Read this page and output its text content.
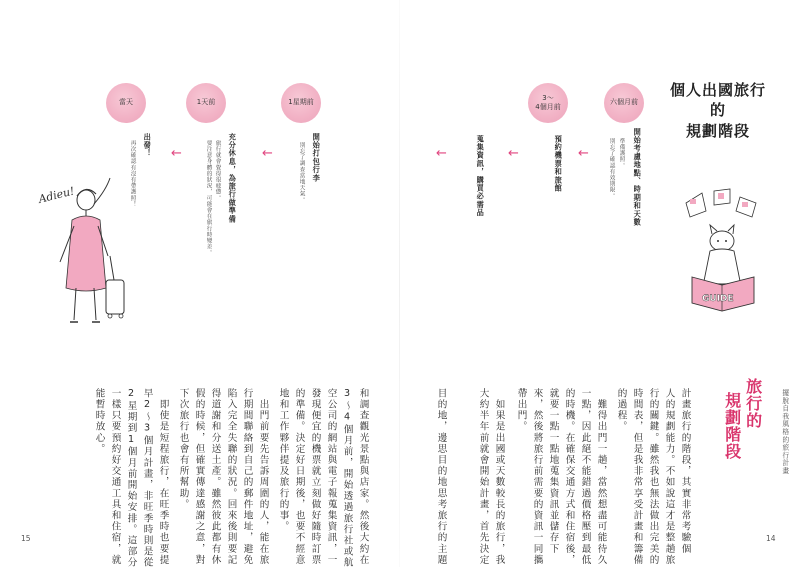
擺脫自我風格的旅行計畫
15	14
個人出國旅行的
規劃階段
六個月前
開始考慮地點、時期和天數
準備護照。
別忘了確認有效期限。
←
3〜
4個月前
預約機票和旅館
←
蒐集資訊，購買必需品
←
1星期前
開始打包行李
別忘了調查當地天氣。
←
1天前
充分休息，為旅行做準備
旅行就會覺得很疲憊。
要注意身體的狀況，可能會在旅行時變差。
←
當天
出發！
再次確認有沒有帶護照！
Adieu!
GUIDE
旅行的
規劃階段
計畫旅行的階段，其實非常考驗個
人的規劃能力。不如說這才是整趟旅
行的關鍵。雖然我也無法做出完美的
時間表，但是我非常享受計畫和籌備
的過程。
　難得出門一趟，當然想盡可能待久
一點，因此絕不能錯過價格壓到最低
的時機。在確保交通方式和住宿後，
就要一點一點地蒐集資訊並儲存下
來，然後將旅行前需要的資訊一同攜
帶出門。
　如果是出國或天數較長的旅行，我
大約半年前就會開始計畫，首先決定
目的地，邊思目的地思考旅行的主題
和調查觀光景點與店家。然後大約在
3〜4個月前，開始透過旅行社或航
空公司的網站與電子報蒐集資訊，一
發現便宜的機票就立刻做好隨時訂票
的準備。決定好日期後，也要不經意
地和工作夥伴提及旅行的事。
　出門前要先告訴周圍的人，能在旅
行期間聯絡到自己的郵件地址，避免
陷入完全失聯的狀況。回來後則要記
得道謝和分送土產。雖然彼此都有休
假的時候，但確實傳達感謝之意，對
下次旅行也會有所幫助。
　即使是短程旅行，在旺季時也要提
早2〜3個月計畫，非旺季時則是從
2星期到1個月前開始安排。這部分
一樣只要預約好交通工具和住宿，就
能暫時放心。
